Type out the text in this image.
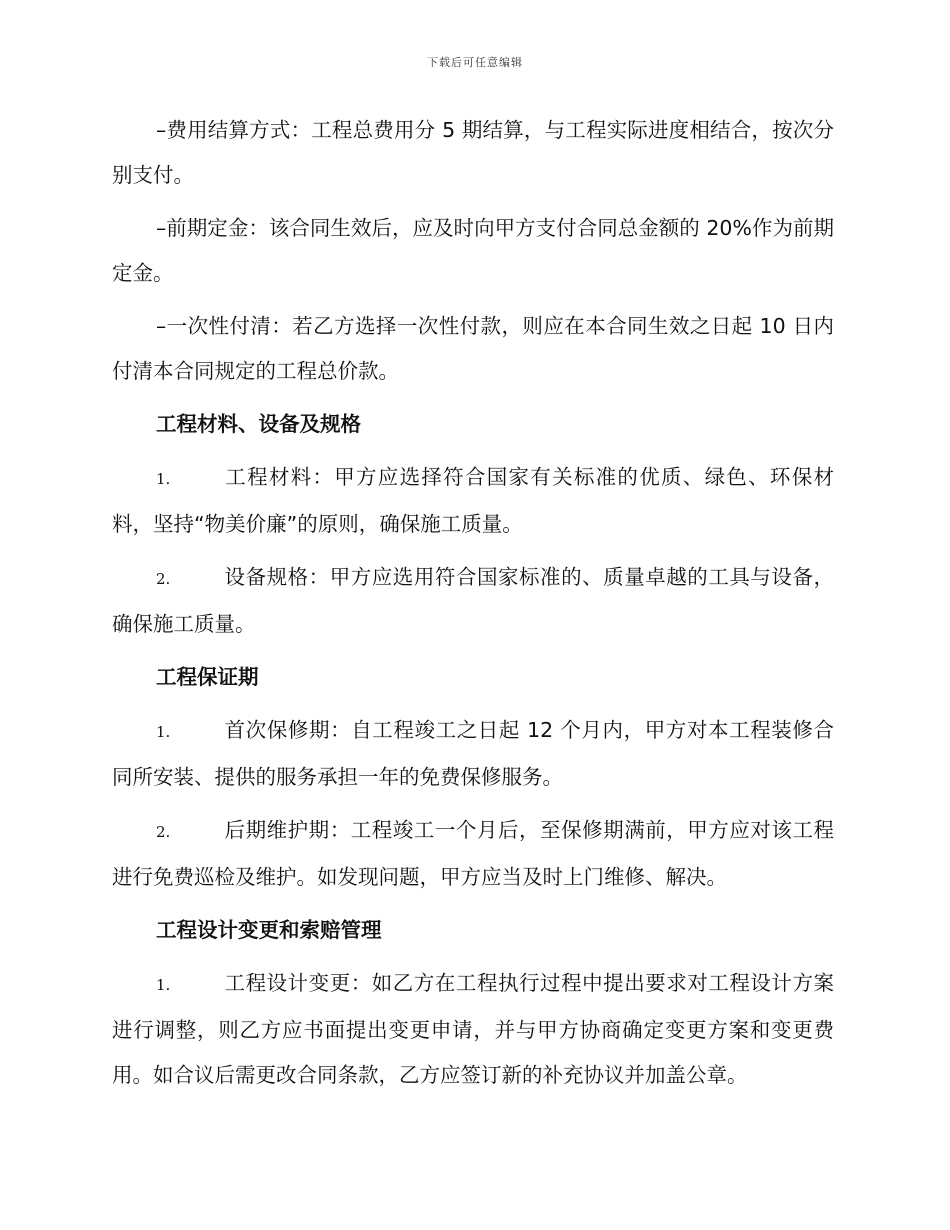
下载后可任意编辑

–费用结算方式：工程总费用分 5 期结算，与工程实际进度相结合，按次分别支付。

–前期定金：该合同生效后，应及时向甲方支付合同总金额的 20%作为前期定金。

–一次性付清：若乙方选择一次性付款，则应在本合同生效之日起 10 日内付清本合同规定的工程总价款。

工程材料、设备及规格

1.	工程材料：甲方应选择符合国家有关标准的优质、绿色、环保材料，坚持“物美价廉”的原则，确保施工质量。

2.	设备规格：甲方应选用符合国家标准的、质量卓越的工具与设备，确保施工质量。

工程保证期

1.	首次保修期：自工程竣工之日起 12 个月内，甲方对本工程装修合同所安装、提供的服务承担一年的免费保修服务。

2.	后期维护期：工程竣工一个月后，至保修期满前，甲方应对该工程进行免费巡检及维护。如发现问题，甲方应当及时上门维修、解决。

工程设计变更和索赔管理

1.	工程设计变更：如乙方在工程执行过程中提出要求对工程设计方案进行调整，则乙方应书面提出变更申请，并与甲方协商确定变更方案和变更费用。如合议后需更改合同条款，乙方应签订新的补充协议并加盖公章。
